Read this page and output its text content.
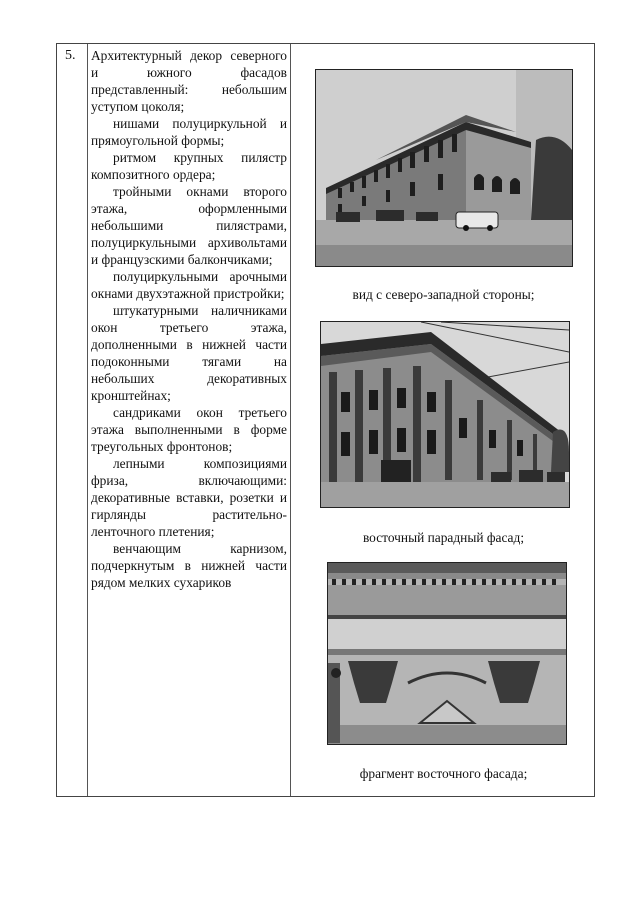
5. Архитектурный декор северного и южного фасадов представленный: небольшим уступом цоколя;

нишами полуциркульной и прямоугольной формы;

ритмом крупных пилястр композитного ордера;

тройными окнами второго этажа, оформленными небольшими пилястрами, полуциркульными архивольтами и французскими балкончиками;

полуциркульными арочными окнами двухэтажной пристройки;

штукатурными наличниками окон третьего этажа, дополненными в нижней части подоконными тягами на небольших декоративных кронштейнах;

сандриками окон третьего этажа выполненными в форме треугольных фронтонов;

лепными композициями фриза, включающими: декоративные вставки, розетки и гирлянды растительно-ленточного плетения;

венчающим карнизом, подчеркнутым в нижней части рядом мелких сухариков

вид с северо-западной стороны;
восточный парадный фасад;
фрагмент восточного фасада;
